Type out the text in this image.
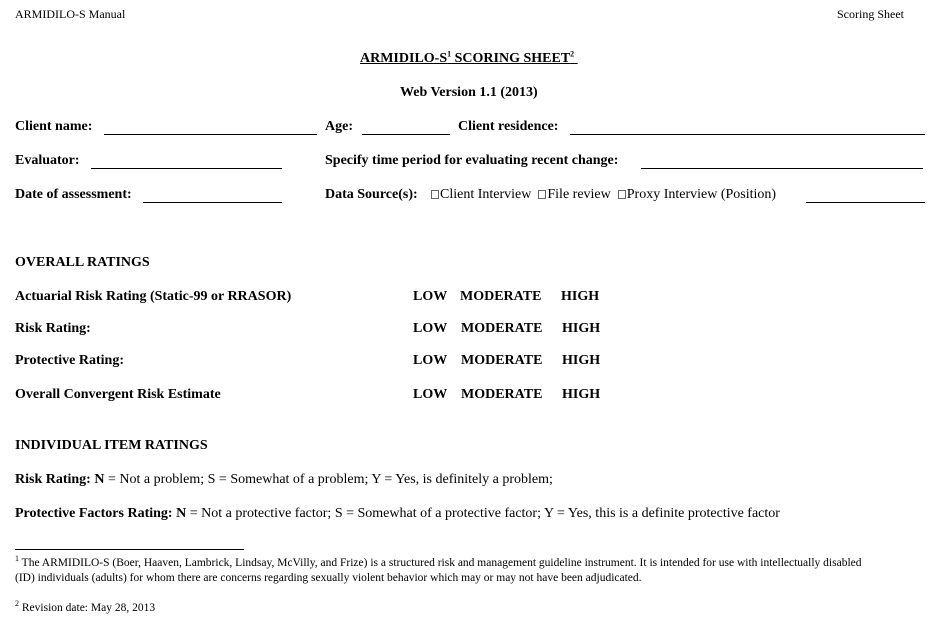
ARMIDILO-S Manual	Scoring Sheet
ARMIDILO-$S^1$ SCORING SHEET$^2$
Web Version 1.1 (2013)
Client name:	Age:	Client residence:
Evaluator:	Specify time period for evaluating recent change:
Date of assessment:	Data Source(s):	Client Interview File review Proxy Interview (Position)
OVERALL RATINGS
Actuarial Risk Rating (Static-99 or RRASOR)	LOW MODERATE HIGH
Risk Rating:	LOW MODERATE HIGH
Protective Rating:	LOW MODERATE HIGH
Overall Convergent Risk Estimate	LOW MODERATE HIGH
INDIVIDUAL ITEM RATINGS
Risk Rating: N = Not a problem; S = Somewhat of a problem; Y = Yes, is definitely a problem;
Protective Factors Rating: N = Not a protective factor; S = Somewhat of a protective factor; Y = Yes, this is a definite protective factor
$^1$ The ARMIDILO-S (Boer, Haaven, Lambrick, Lindsay, McVilly, and Frize) is a structured risk and management guideline instrument. It is intended for use with intellectually disabled
(ID) individuals (adults) for whom there are concerns regarding sexually violent behavior which may or may not have been adjudicated.
$^2$ Revision date: May 28, 2013
